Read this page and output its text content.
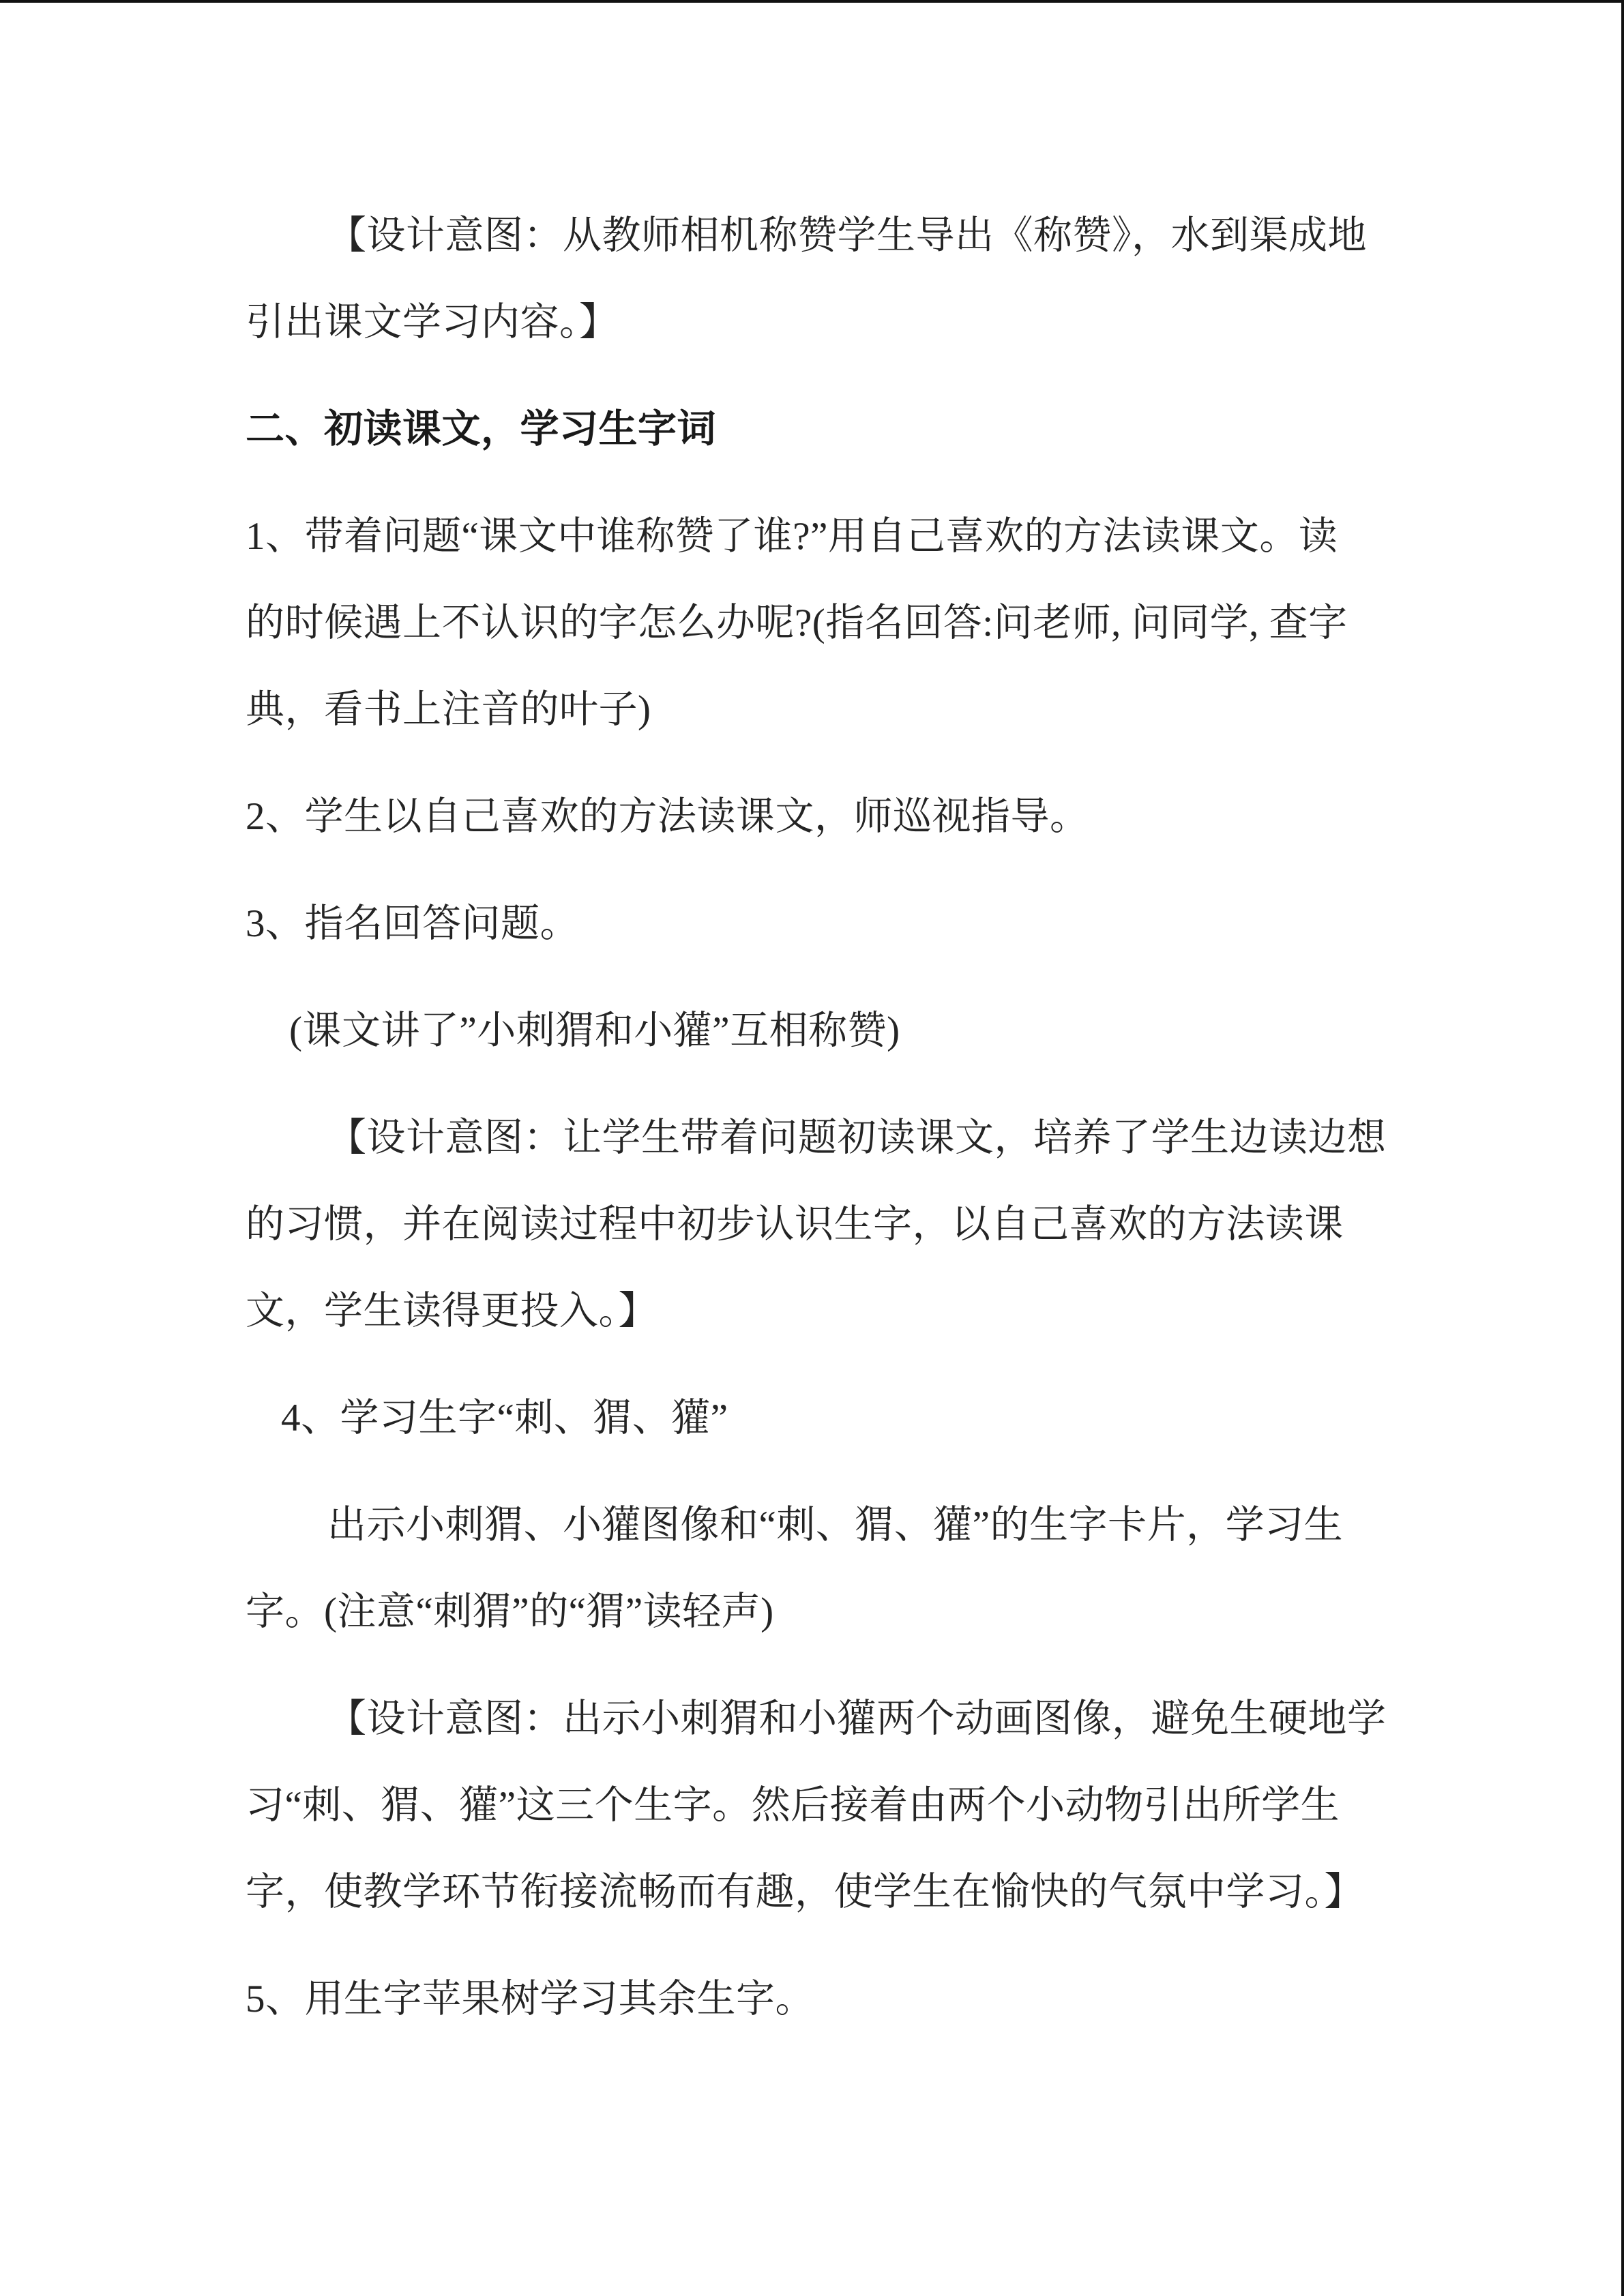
【设计意图：从教师相机称赞学生导出《称赞》，水到渠成地
引出课文学习内容。】
二、初读课文，学习生字词
1、带着问题“课文中谁称赞了谁?”用自己喜欢的方法读课文。读
的时候遇上不认识的字怎么办呢?(指名回答:问老师, 问同学, 查字
典，看书上注音的叶子)
2、学生以自己喜欢的方法读课文，师巡视指导。
3、指名回答问题。
(课文讲了”小刺猬和小獾”互相称赞)
【设计意图：让学生带着问题初读课文，培养了学生边读边想
的习惯，并在阅读过程中初步认识生字，以自己喜欢的方法读课
文，学生读得更投入。】
4、学习生字“刺、猬、獾”
出示小刺猬、小獾图像和“刺、猬、獾”的生字卡片，学习生
字。(注意“刺猬”的“猬”读轻声)
【设计意图：出示小刺猬和小獾两个动画图像，避免生硬地学
习“刺、猬、獾”这三个生字。然后接着由两个小动物引出所学生
字，使教学环节衔接流畅而有趣，使学生在愉快的气氛中学习。】
5、用生字苹果树学习其余生字。
